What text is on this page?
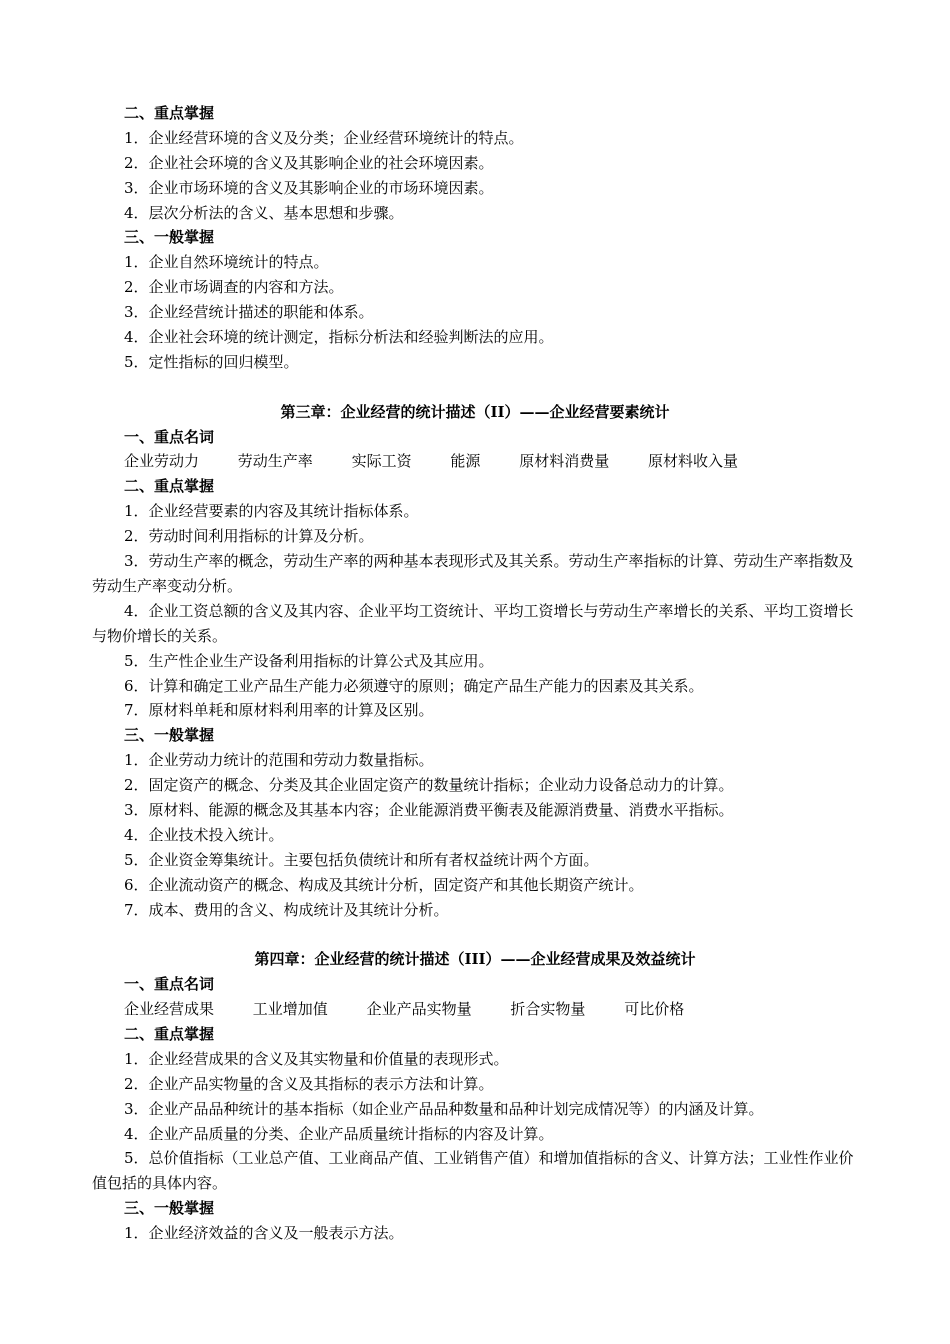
二、重点掌握
1．企业经营环境的含义及分类；企业经营环境统计的特点。
2．企业社会环境的含义及其影响企业的社会环境因素。
3．企业市场环境的含义及其影响企业的市场环境因素。
4．层次分析法的含义、基本思想和步骤。
三、一般掌握
1．企业自然环境统计的特点。
2．企业市场调查的内容和方法。
3．企业经营统计描述的职能和体系。
4．企业社会环境的统计测定，指标分析法和经验判断法的应用。
5．定性指标的回归模型。
第三章：企业经营的统计描述（II）——企业经营要素统计
一、重点名词
企业劳动力	劳动生产率	实际工资	能源	原材料消费量	原材料收入量
二、重点掌握
1．企业经营要素的内容及其统计指标体系。
2．劳动时间利用指标的计算及分析。
3．劳动生产率的概念，劳动生产率的两种基本表现形式及其关系。劳动生产率指标的计算、劳动生产率指数及劳动生产率变动分析。
4．企业工资总额的含义及其内容、企业平均工资统计、平均工资增长与劳动生产率增长的关系、平均工资增长与物价增长的关系。
5．生产性企业生产设备利用指标的计算公式及其应用。
6．计算和确定工业产品生产能力必须遵守的原则；确定产品生产能力的因素及其关系。
7．原材料单耗和原材料利用率的计算及区别。
三、一般掌握
1．企业劳动力统计的范围和劳动力数量指标。
2．固定资产的概念、分类及其企业固定资产的数量统计指标；企业动力设备总动力的计算。
3．原材料、能源的概念及其基本内容；企业能源消费平衡表及能源消费量、消费水平指标。
4．企业技术投入统计。
5．企业资金筹集统计。主要包括负债统计和所有者权益统计两个方面。
6．企业流动资产的概念、构成及其统计分析，固定资产和其他长期资产统计。
7．成本、费用的含义、构成统计及其统计分析。
第四章：企业经营的统计描述（III）——企业经营成果及效益统计
一、重点名词
企业经营成果	工业增加值	企业产品实物量	折合实物量	可比价格
二、重点掌握
1．企业经营成果的含义及其实物量和价值量的表现形式。
2．企业产品实物量的含义及其指标的表示方法和计算。
3．企业产品品种统计的基本指标（如企业产品品种数量和品种计划完成情况等）的内涵及计算。
4．企业产品质量的分类、企业产品质量统计指标的内容及计算。
5．总价值指标（工业总产值、工业商品产值、工业销售产值）和增加值指标的含义、计算方法；工业性作业价值包括的具体内容。
三、一般掌握
1．企业经济效益的含义及一般表示方法。
